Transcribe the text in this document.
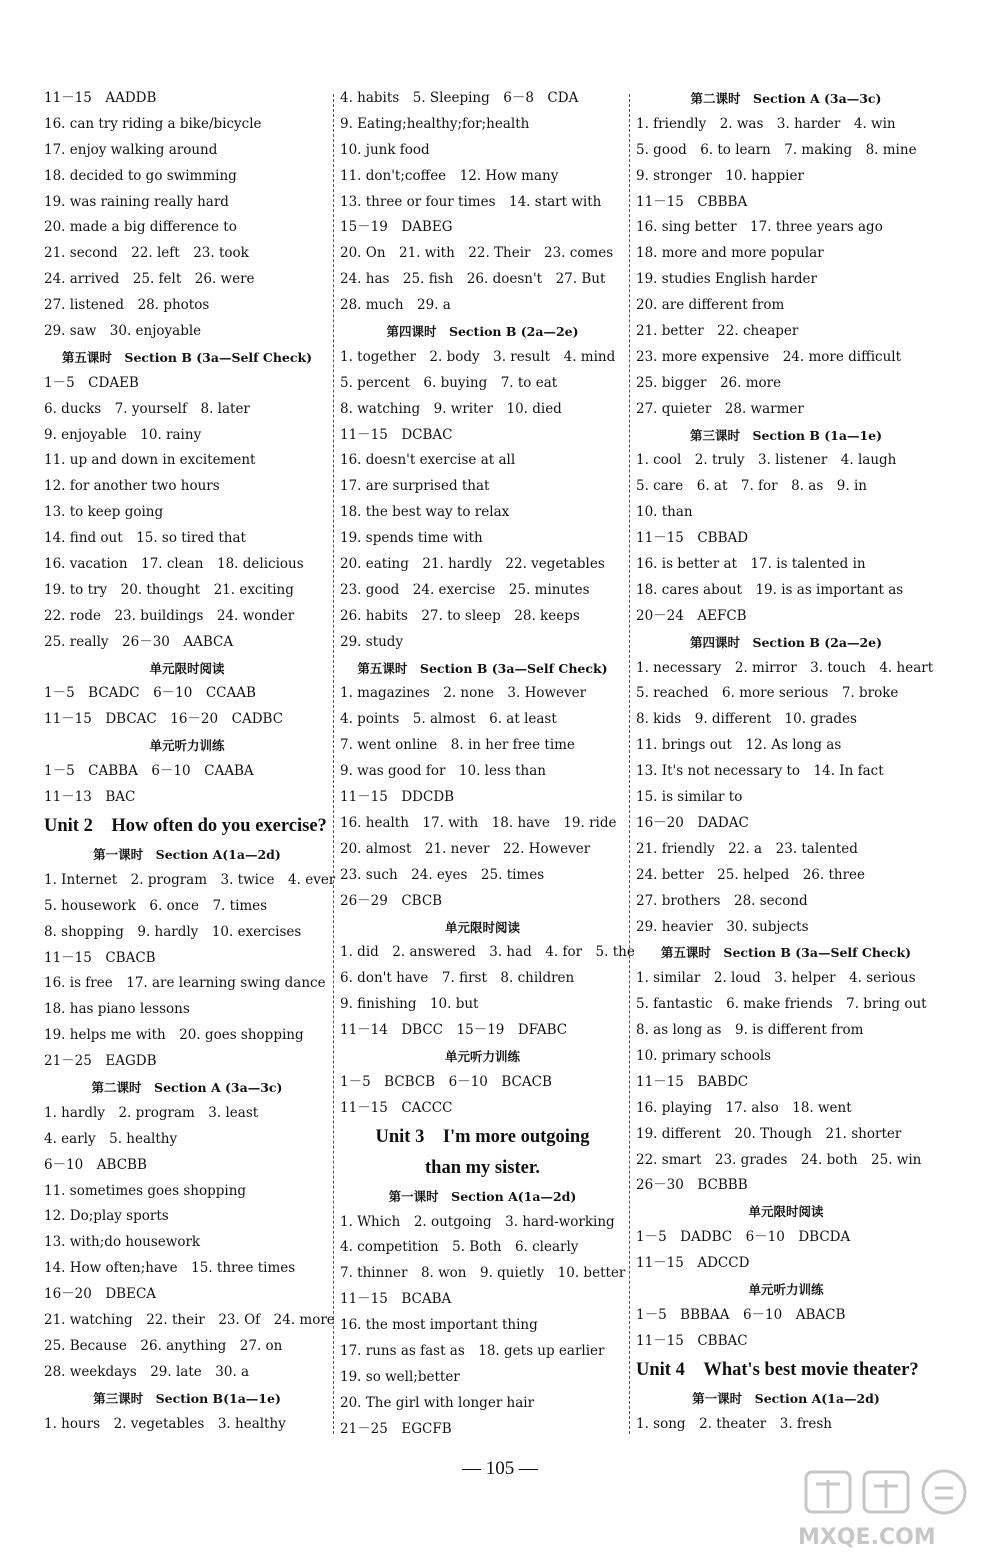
11－15　AADDB
16. can try riding a bike/bicycle
17. enjoy walking around
18. decided to go swimming
19. was raining really hard
20. made a big difference to
21. second　22. left　23. took
24. arrived　25. felt　26. were
27. listened　28. photos
29. saw　30. enjoyable
第五课时　Section B (3a—Self Check)
1－5　CDAEB
6. ducks　7. yourself　8. later
9. enjoyable　10. rainy
11. up and down in excitement
12. for another two hours
13. to keep going
14. find out　15. so tired that
16. vacation　17. clean　18. delicious
19. to try　20. thought　21. exciting
22. rode　23. buildings　24. wonder
25. really　26－30　AABCA
单元限时阅读
1－5　BCADC　6－10　CCAAB
11－15　DBCAC　16－20　CADBC
单元听力训练
1－5　CABBA　6－10　CAABA
11－13　BAC
Unit 2　How often do you exercise?
第一课时　Section A(1a—2d)
1. Internet　2. program　3. twice　4. ever
5. housework　6. once　7. times
8. shopping　9. hardly　10. exercises
11－15　CBACB
16. is free　17. are learning swing dance
18. has piano lessons
19. helps me with　20. goes shopping
21－25　EAGDB
第二课时　Section A (3a—3c)
1. hardly　2. program　3. least
4. early　5. healthy
6－10　ABCBB
11. sometimes goes shopping
12. Do;play sports
13. with;do housework
14. How often;have　15. three times
16－20　DBECA
21. watching　22. their　23. Of　24. more
25. Because　26. anything　27. on
28. weekdays　29. late　30. a
第三课时　Section B(1a—1e)
1. hours　2. vegetables　3. healthy
4. habits　5. Sleeping　6－8　CDA
9. Eating;healthy;for;health
10. junk food
11. don't;coffee　12. How many
13. three or four times　14. start with
15－19　DABEG
20. On　21. with　22. Their　23. comes
24. has　25. fish　26. doesn't　27. But
28. much　29. a
第四课时　Section B (2a—2e)
1. together　2. body　3. result　4. mind
5. percent　6. buying　7. to eat
8. watching　9. writer　10. died
11－15　DCBAC
16. doesn't exercise at all
17. are surprised that
18. the best way to relax
19. spends time with
20. eating　21. hardly　22. vegetables
23. good　24. exercise　25. minutes
26. habits　27. to sleep　28. keeps
29. study
第五课时　Section B (3a—Self Check)
1. magazines　2. none　3. However
4. points　5. almost　6. at least
7. went online　8. in her free time
9. was good for　10. less than
11－15　DDCDB
16. health　17. with　18. have　19. ride
20. almost　21. never　22. However
23. such　24. eyes　25. times
26－29　CBCB
单元限时阅读
1. did　2. answered　3. had　4. for　5. the
6. don't have　7. first　8. children
9. finishing　10. but
11－14　DBCC　15－19　DFABC
单元听力训练
1－5　BCBCB　6－10　BCACB
11－15　CACCC
Unit 3　I'm more outgoing
than my sister.
第一课时　Section A(1a—2d)
1. Which　2. outgoing　3. hard-working
4. competition　5. Both　6. clearly
7. thinner　8. won　9. quietly　10. better
11－15　BCABA
16. the most important thing
17. runs as fast as　18. gets up earlier
19. so well;better
20. The girl with longer hair
21－25　EGCFB
第二课时　Section A (3a—3c)
1. friendly　2. was　3. harder　4. win
5. good　6. to learn　7. making　8. mine
9. stronger　10. happier
11－15　CBBBA
16. sing better　17. three years ago
18. more and more popular
19. studies English harder
20. are different from
21. better　22. cheaper
23. more expensive　24. more difficult
25. bigger　26. more
27. quieter　28. warmer
第三课时　Section B (1a—1e)
1. cool　2. truly　3. listener　4. laugh
5. care　6. at　7. for　8. as　9. in
10. than
11－15　CBBAD
16. is better at　17. is talented in
18. cares about　19. is as important as
20－24　AEFCB
第四课时　Section B (2a—2e)
1. necessary　2. mirror　3. touch　4. heart
5. reached　6. more serious　7. broke
8. kids　9. different　10. grades
11. brings out　12. As long as
13. It's not necessary to　14. In fact
15. is similar to
16－20　DADAC
21. friendly　22. a　23. talented
24. better　25. helped　26. three
27. brothers　28. second
29. heavier　30. subjects
第五课时　Section B (3a—Self Check)
1. similar　2. loud　3. helper　4. serious
5. fantastic　6. make friends　7. bring out
8. as long as　9. is different from
10. primary schools
11－15　BABDC
16. playing　17. also　18. went
19. different　20. Though　21. shorter
22. smart　23. grades　24. both　25. win
26－30　BCBBB
单元限时阅读
1－5　DADBC　6－10　DBCDA
11－15　ADCCD
单元听力训练
1－5　BBBAA　6－10　ABACB
11－15　CBBAC
Unit 4　What's best movie theater?
第一课时　Section A(1a—2d)
1. song　2. theater　3. fresh
— 105 —
MXQE.COM
